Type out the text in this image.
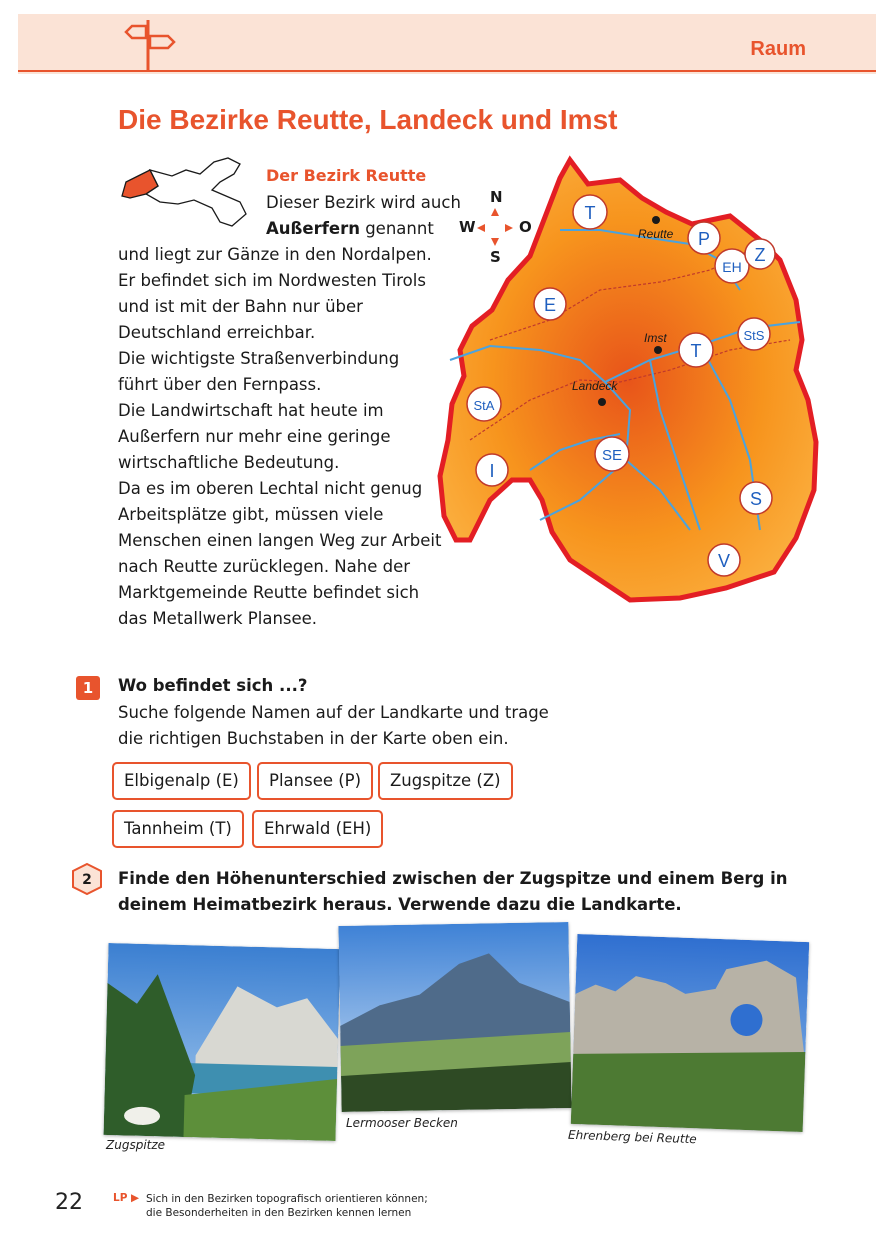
Raum
Die Bezirke Reutte, Landeck und Imst
Der Bezirk Reutte
Dieser Bezirk wird auch
Außerfern genannt
und liegt zur Gänze in den Nordalpen.
Er befindet sich im Nordwesten Tirols
und ist mit der Bahn nur über
Deutschland erreichbar.
Die wichtigste Straßenverbindung
führt über den Fernpass.
Die Landwirtschaft hat heute im
Außerfern nur mehr eine geringe
wirtschaftliche Bedeutung.
Da es im oberen Lechtal nicht genug
Arbeitsplätze gibt, müssen viele
Menschen einen langen Weg zur Arbeit
nach Reutte zurücklegen. Nahe der
Marktgemeinde Reutte befindet sich
das Metallwerk Plansee.
N
S
W	O	Reutte
Imst
Landeck
T
P
EH
Z
E
T
StS
StA
SE
I
S
V
1	Wo befindet sich ...?
Suche folgende Namen auf der Landkarte und trage
die richtigen Buchstaben in der Karte oben ein.
Elbigenalp (E)	Plansee (P)	Zugspitze (Z)
Tannheim (T)	Ehrwald (EH)
2 Finde den Höhenunterschied zwischen der Zugspitze und einem Berg in deinem Heimatbezirk heraus. Verwende dazu die Landkarte.
Zugspitze
Lermooser Becken
Ehrenberg bei Reutte
22	LP ▶ Sich in den Bezirken topografisch orientieren können;
die Besonderheiten in den Bezirken kennen lernen
